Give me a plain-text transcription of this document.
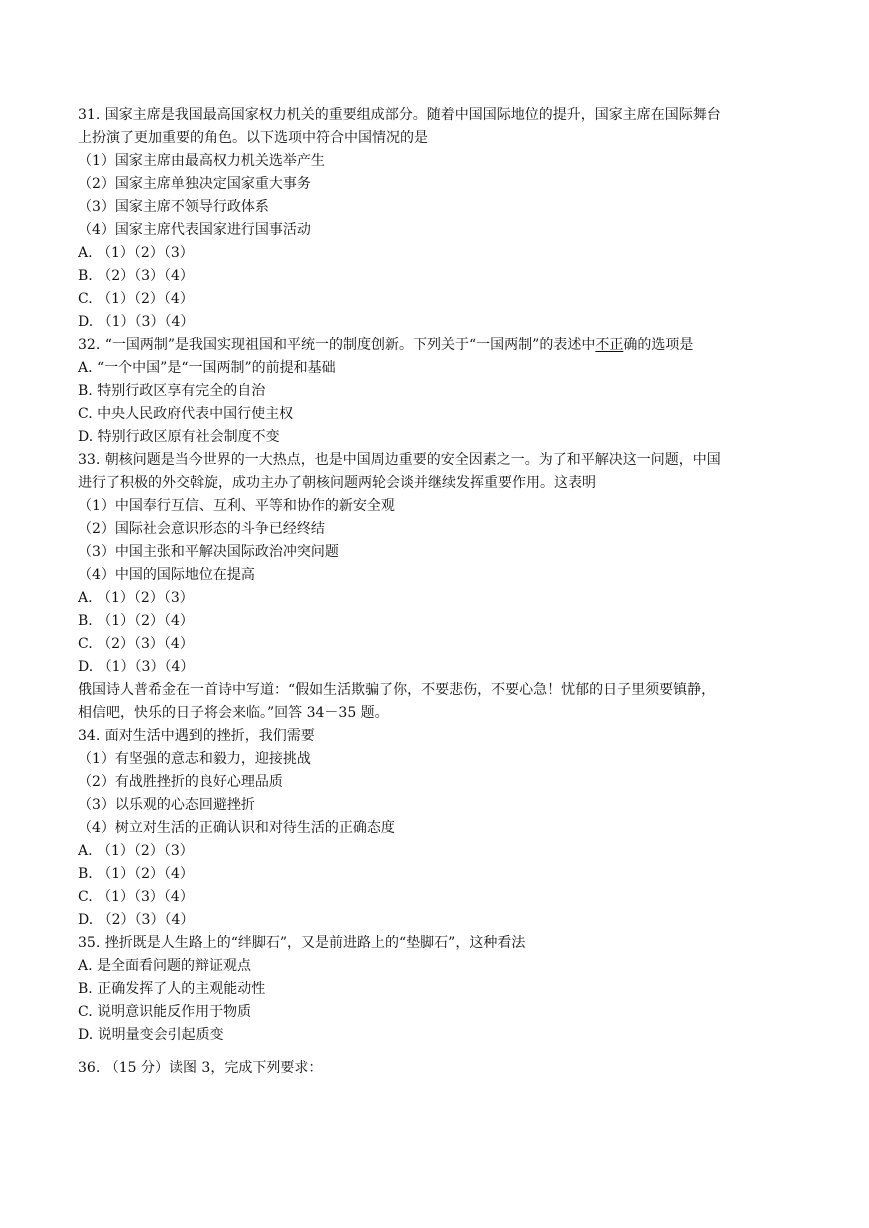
31. 国家主席是我国最高国家权力机关的重要组成部分。随着中国国际地位的提升，国家主席在国际舞台
上扮演了更加重要的角色。以下选项中符合中国情况的是
（1）国家主席由最高权力机关选举产生
（2）国家主席单独决定国家重大事务
（3）国家主席不领导行政体系
（4）国家主席代表国家进行国事活动
A. （1）（2）（3）
B. （2）（3）（4）
C. （1）（2）（4）
D. （1）（3）（4）
32. “一国两制”是我国实现祖国和平统一的制度创新。下列关于“一国两制”的表述中不正确的选项是
A. “一个中国”是“一国两制”的前提和基础
B. 特别行政区享有完全的自治
C. 中央人民政府代表中国行使主权
D. 特别行政区原有社会制度不变
33. 朝核问题是当今世界的一大热点，也是中国周边重要的安全因素之一。为了和平解决这一问题，中国
进行了积极的外交斡旋，成功主办了朝核问题两轮会谈并继续发挥重要作用。这表明
（1）中国奉行互信、互利、平等和协作的新安全观
（2）国际社会意识形态的斗争已经终结
（3）中国主张和平解决国际政治冲突问题
（4）中国的国际地位在提高
A. （1）（2）（3）
B. （1）（2）（4）
C. （2）（3）（4）
D. （1）（3）（4）
俄国诗人普希金在一首诗中写道：“假如生活欺骗了你，不要悲伤，不要心急！忧郁的日子里须要镇静，
相信吧，快乐的日子将会来临。”回答 34－35 题。
34. 面对生活中遇到的挫折，我们需要
（1）有坚强的意志和毅力，迎接挑战
（2）有战胜挫折的良好心理品质
（3）以乐观的心态回避挫折
（4）树立对生活的正确认识和对待生活的正确态度
A. （1）（2）（3）
B. （1）（2）（4）
C. （1）（3）（4）
D. （2）（3）（4）
35. 挫折既是人生路上的“绊脚石”，又是前进路上的“垫脚石”，这种看法
A. 是全面看问题的辩证观点
B. 正确发挥了人的主观能动性
C. 说明意识能反作用于物质
D. 说明量变会引起质变
36. （15 分）读图 3，完成下列要求：
